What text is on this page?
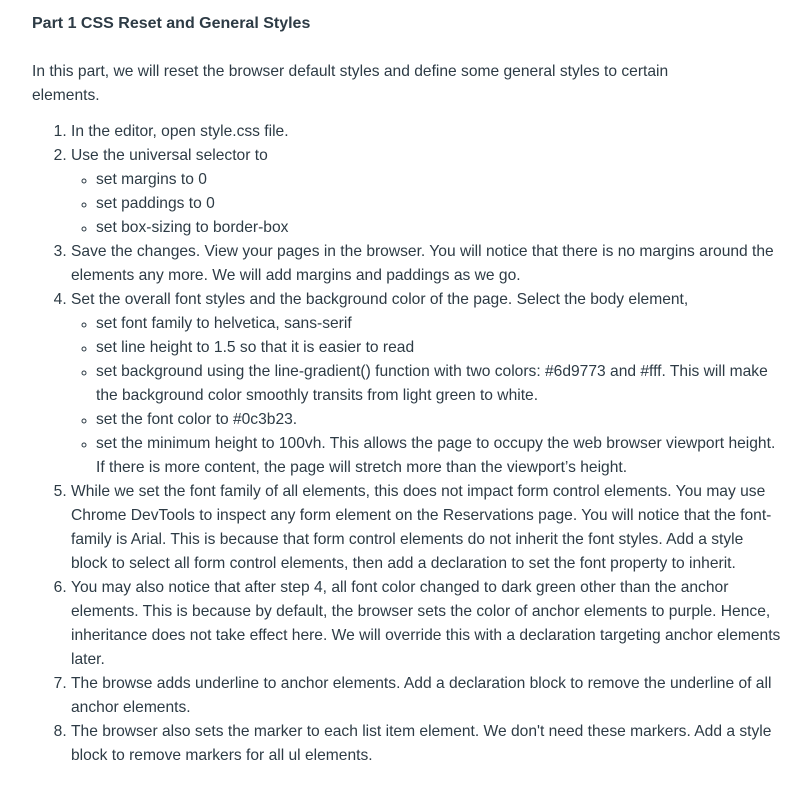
Part 1 CSS Reset and General Styles

In this part, we will reset the browser default styles and define some general styles to certain elements.

1. In the editor, open style.css file.
2. Use the universal selector to
◦ set margins to 0
◦ set paddings to 0
◦ set box-sizing to border-box
3. Save the changes. View your pages in the browser. You will notice that there is no margins around the elements any more. We will add margins and paddings as we go.
4. Set the overall font styles and the background color of the page. Select the body element,
◦ set font family to helvetica, sans-serif
◦ set line height to 1.5 so that it is easier to read
◦ set background using the line-gradient() function with two colors: #6d9773 and #fff. This will make the background color smoothly transits from light green to white.
◦ set the font color to #0c3b23.
◦ set the minimum height to 100vh. This allows the page to occupy the web browser viewport height. If there is more content, the page will stretch more than the viewport’s height.
5. While we set the font family of all elements, this does not impact form control elements. You may use Chrome DevTools to inspect any form element on the Reservations page. You will notice that the font-family is Arial. This is because that form control elements do not inherit the font styles. Add a style block to select all form control elements, then add a declaration to set the font property to inherit.
6. You may also notice that after step 4, all font color changed to dark green other than the anchor elements. This is because by default, the browser sets the color of anchor elements to purple. Hence, inheritance does not take effect here. We will override this with a declaration targeting anchor elements later.
7. The browse adds underline to anchor elements. Add a declaration block to remove the underline of all anchor elements.
8. The browser also sets the marker to each list item element. We don't need these markers. Add a style block to remove markers for all ul elements.
